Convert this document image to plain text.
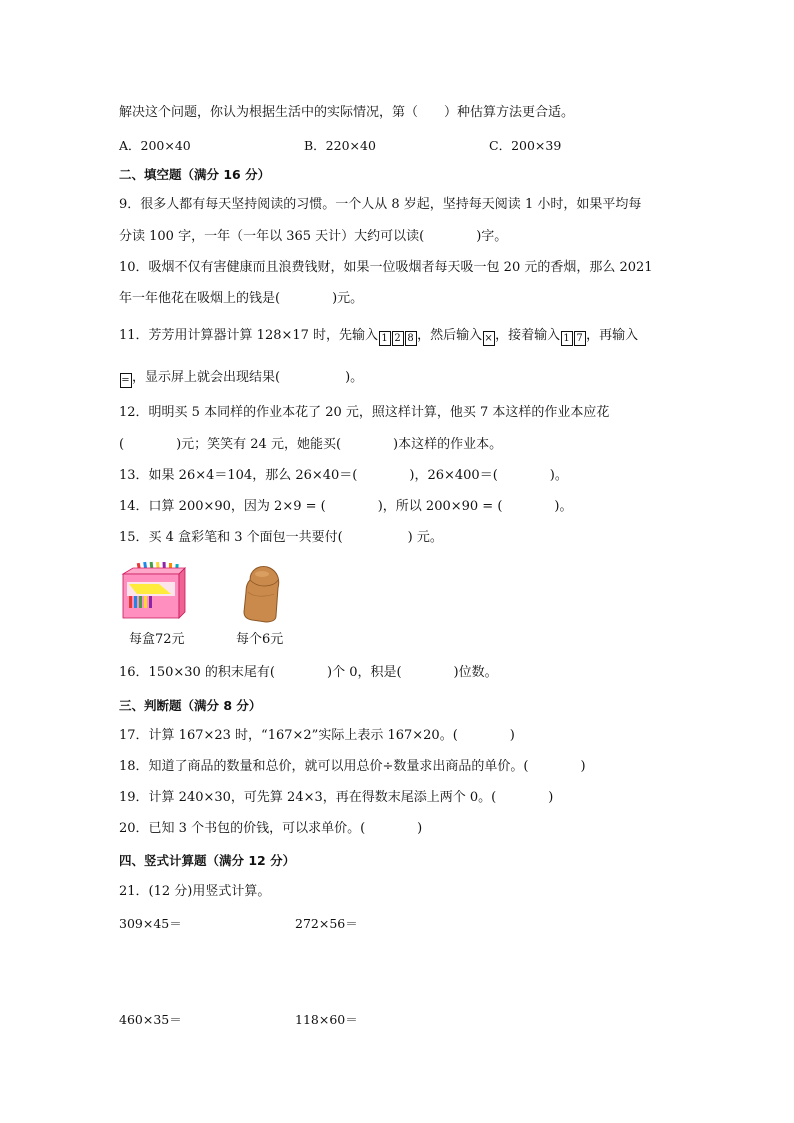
解决这个问题，你认为根据生活中的实际情况，第（　　）种估算方法更合适。
A．200×40	B．220×40	C．200×39
二、填空题（满分 16 分）
9．很多人都有每天坚持阅读的习惯。一个人从 8 岁起，坚持每天阅读 1 小时，如果平均每
分读 100 字，一年（一年以 365 天计）大约可以读(　　　　)字。
10．吸烟不仅有害健康而且浪费钱财，如果一位吸烟者每天吸一包 20 元的香烟，那么 2021
年一年他花在吸烟上的钱是(　　　　)元。
11．芳芳用计算器计算 128×17 时，先输入 1 2 8 ，然后输入 × ，接着输入 1 7 ，再输入
= ，显示屏上就会出现结果(　　　　　)。
12．明明买 5 本同样的作业本花了 20 元，照这样计算，他买 7 本这样的作业本应花
(　　　　)元；笑笑有 24 元，她能买(　　　　)本这样的作业本。
13．如果 26×4＝104，那么 26×40＝(　　　　)，26×400＝(　　　　)。
14．口算 200×90，因为 2×9 = (　　　　)，所以 200×90 = (　　　　)。
15．买 4 盒彩笔和 3 个面包一共要付(　　　　　) 元。
每盒72元	每个6元
16．150×30 的积末尾有(　　　　)个 0，积是(　　　　)位数。
三、判断题（满分 8 分）
17．计算 167×23 时，“167×2”实际上表示 167×20。(　　　　)
18．知道了商品的数量和总价，就可以用总价÷数量求出商品的单价。(　　　　)
19．计算 240×30，可先算 24×3，再在得数末尾添上两个 0。(　　　　)
20．已知 3 个书包的价钱，可以求单价。(　　　　)
四、竖式计算题（满分 12 分）
21．(12 分)用竖式计算。
309×45＝	272×56＝
460×35＝	118×60＝
